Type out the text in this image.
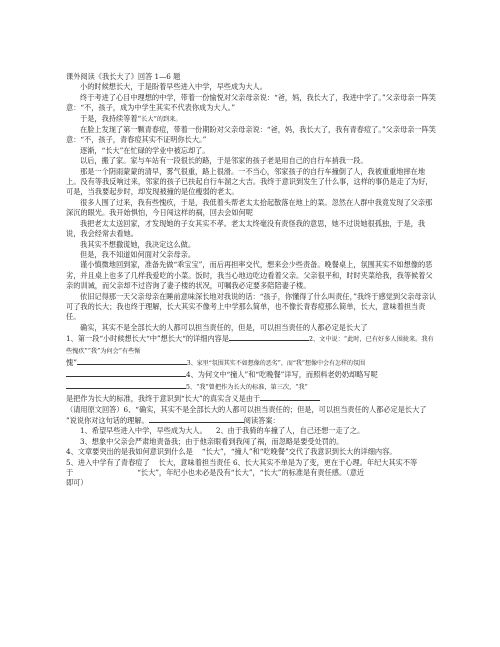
课外阅读《我长大了》回答 1—6 题

小的时候想长大，于是盼着早些进入中学，早些成为大人。

终于考进了心目中理想的中学，带着一份愉悦对父亲母亲说：“爸，妈，我长大了，我进中学了。”父亲母亲一阵笑意：“不，孩子，成为中学生其实不代表你成为大人。”

于是，我持续等着“长大”的到来。

在脸上发现了第一颗青春痘，带着一份期盼对父亲母亲说：“爸，妈，我长大了，我有青春痘了。”父亲母亲一阵笑意：“不，孩子，青春痘其实不证明你长大。”

逐渐，“长大”在忙碌的学业中被忘却了。

以后，搬了家。家与车站有一段很长的路，于是邻家的孩子老是用自己的自行车捎我一段。

那是一个阴雨蒙蒙的清早，雾气很重，路上很滑。一不当心，邻家孩子的自行车撞倒了人，我被重重地摔在地上。没有等我反响过来，邻家的孩子已扶起自行车溜之大吉。我终于意识到发生了什么事，这样的事仍是走了为好，可是，当我要起步时，却发现被撞的是位瘦弱的老太。

很多人围了过来，我有些愧疚，于是，我低着头帮老太太拾起散落在地上的菜。忽然在人群中我竟发现了父亲那深沉的眼光。我开始惧怕，今日闯这样的祸，回去会如何呢

我把老太太送回家，才发现她的子女其实不孝。老太太终毫没有责怪我的意思，她不过说她很孤独，于是，我说，我会经常去看她。

我其实不想撒谎她，我决定这么做。

但是，我不知道如何面对父亲母亲。

谨小慎微地回到家，准备先做“乖宝宝”，而后再担率交代，想来会少些责备。晚餐桌上，氛围其实不如想像的恶劣，并且桌上也多了几样我爱吃的小菜。饭时，我当心地边吃边看着父亲。父亲很平和，时时夹菜给我，我等候着父亲的训诫，而父亲却不过咨询了妻子楼的状况，可嘱我必定要多陪陪妻子楼。

依旧记得那一天父亲母亲在睡前意味深长地对我说的话：“孩子，你懂得了什么叫责任，”我终于感觉到父亲母亲认可了我的长大；我也终于理解，长大其实不像考上中学那么简单，也不像长青春痘那么简单，长大，意味着担当责任。

确实，其实不是全部长大的人都可以担当责任的，但是，可以担当责任的人都必定是长大了

1、第一段“小时候想长大“中”想长大“的详细内容是	2、文中说：“此时，已有好多人围拢来。我有些愧疚”“我”为何会“有些惭

愧”	3、家里“氛围其实不如想像的恶劣”，而“我”想像中会有怎样的氛围

4、为何文中“撞人”和“吃晚餐”详写，而照料老奶奶却略写呢

5、“我”曾把作为长大的标准，第三次，“我”

是把作为长大的标准，我终于意识到“长大”的真实含义是由于

（请用原文回答）6、“确实，其实不是全部长大的人都可以担当责任的；但是，可以担当责任的人都必定是长大了

”说说你对这句话的理解。	阅读答案：

1、希望早些进入中学，早些成为大人。 2、由于我骑的车撞了人，自己还想一走了之。

3、想象中父亲会严肃地责备我；由于他亲眼看到我闯了祸，而忽略是要受处罚的。

4、文章要突出的是我如何意识到什么是 “长大”，“撞人”和“吃晚餐”交代了我意识到长大的详细内容。

5、进入中学有了青春痘了 长大，意味着担当责任 6、长大其实不单是为了变，更在于心理。年纪大其实不等

于	“长大”，年纪小也未必是没有“长大”，“长大”的标准是有责任感。（意近

即可）
